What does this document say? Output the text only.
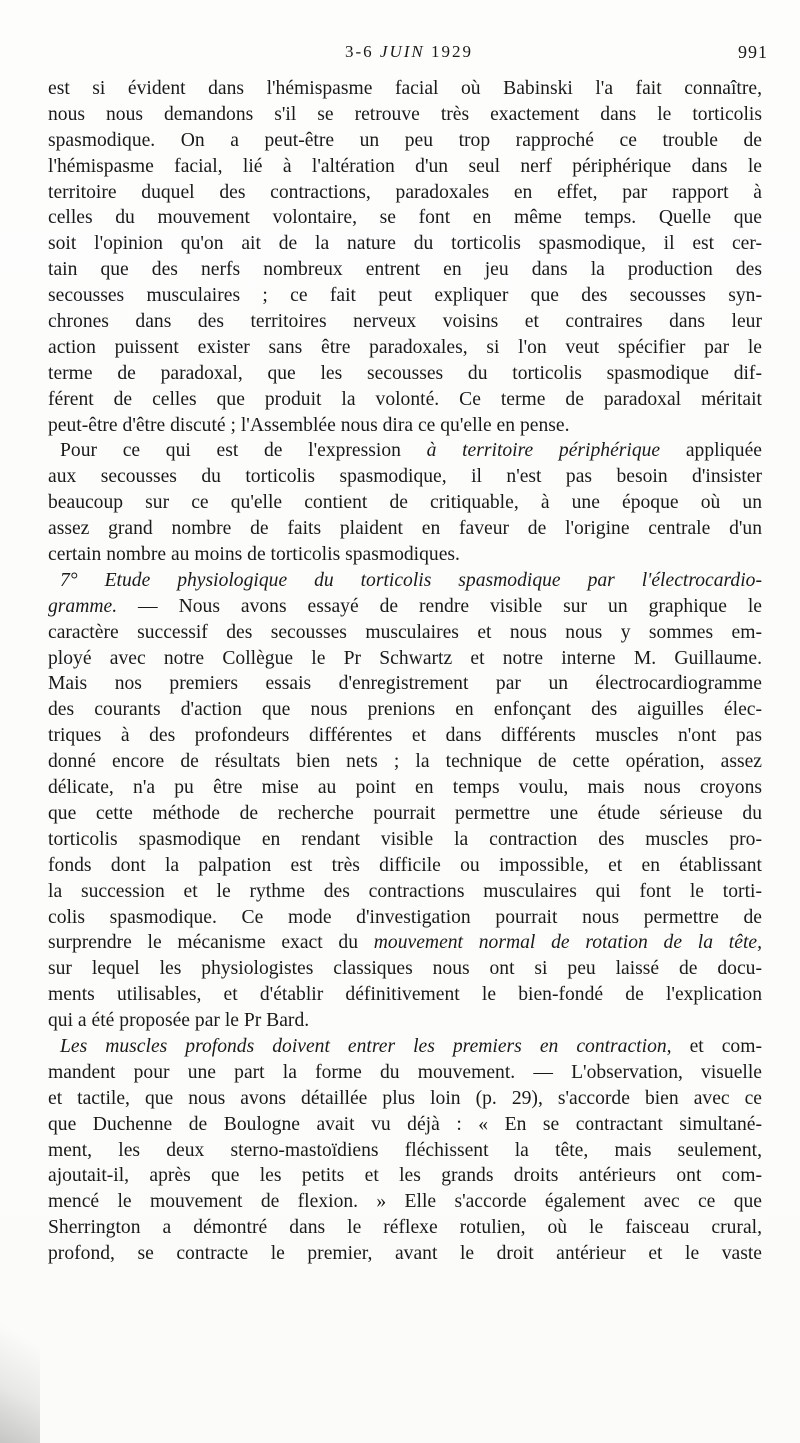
3-6 JUIN 1929	991
est si évident dans l'hémispasme facial où Babinski l'a fait connaître,
nous nous demandons s'il se retrouve très exactement dans le torticolis
spasmodique. On a peut-être un peu trop rapproché ce trouble de
l'hémispasme facial, lié à l'altération d'un seul nerf périphérique dans le
territoire duquel des contractions, paradoxales en effet, par rapport à
celles du mouvement volontaire, se font en même temps. Quelle que
soit l'opinion qu'on ait de la nature du torticolis spasmodique, il est cer-
tain que des nerfs nombreux entrent en jeu dans la production des
secousses musculaires ; ce fait peut expliquer que des secousses syn-
chrones dans des territoires nerveux voisins et contraires dans leur
action puissent exister sans être paradoxales, si l'on veut spécifier par le
terme de paradoxal, que les secousses du torticolis spasmodique dif-
férent de celles que produit la volonté. Ce terme de paradoxal méritait
peut-être d'être discuté ; l'Assemblée nous dira ce qu'elle en pense.
Pour ce qui est de l'expression à territoire périphérique appliquée
aux secousses du torticolis spasmodique, il n'est pas besoin d'insister
beaucoup sur ce qu'elle contient de critiquable, à une époque où un
assez grand nombre de faits plaident en faveur de l'origine centrale d'un
certain nombre au moins de torticolis spasmodiques.
7° Etude physiologique du torticolis spasmodique par l'électrocardio-
gramme. — Nous avons essayé de rendre visible sur un graphique le
caractère successif des secousses musculaires et nous nous y sommes em-
ployé avec notre Collègue le Pr Schwartz et notre interne M. Guillaume.
Mais nos premiers essais d'enregistrement par un électrocardiogramme
des courants d'action que nous prenions en enfonçant des aiguilles élec-
triques à des profondeurs différentes et dans différents muscles n'ont pas
donné encore de résultats bien nets ; la technique de cette opération, assez
délicate, n'a pu être mise au point en temps voulu, mais nous croyons
que cette méthode de recherche pourrait permettre une étude sérieuse du
torticolis spasmodique en rendant visible la contraction des muscles pro-
fonds dont la palpation est très difficile ou impossible, et en établissant
la succession et le rythme des contractions musculaires qui font le torti-
colis spasmodique. Ce mode d'investigation pourrait nous permettre de
surprendre le mécanisme exact du mouvement normal de rotation de la tête,
sur lequel les physiologistes classiques nous ont si peu laissé de docu-
ments utilisables, et d'établir définitivement le bien-fondé de l'explication
qui a été proposée par le Pr Bard.
Les muscles profonds doivent entrer les premiers en contraction, et com-
mandent pour une part la forme du mouvement. — L'observation, visuelle
et tactile, que nous avons détaillée plus loin (p. 29), s'accorde bien avec ce
que Duchenne de Boulogne avait vu déjà : « En se contractant simultané-
ment, les deux sterno-mastoïdiens fléchissent la tête, mais seulement,
ajoutait-il, après que les petits et les grands droits antérieurs ont com-
mencé le mouvement de flexion. » Elle s'accorde également avec ce que
Sherrington a démontré dans le réflexe rotulien, où le faisceau crural,
profond, se contracte le premier, avant le droit antérieur et le vaste
